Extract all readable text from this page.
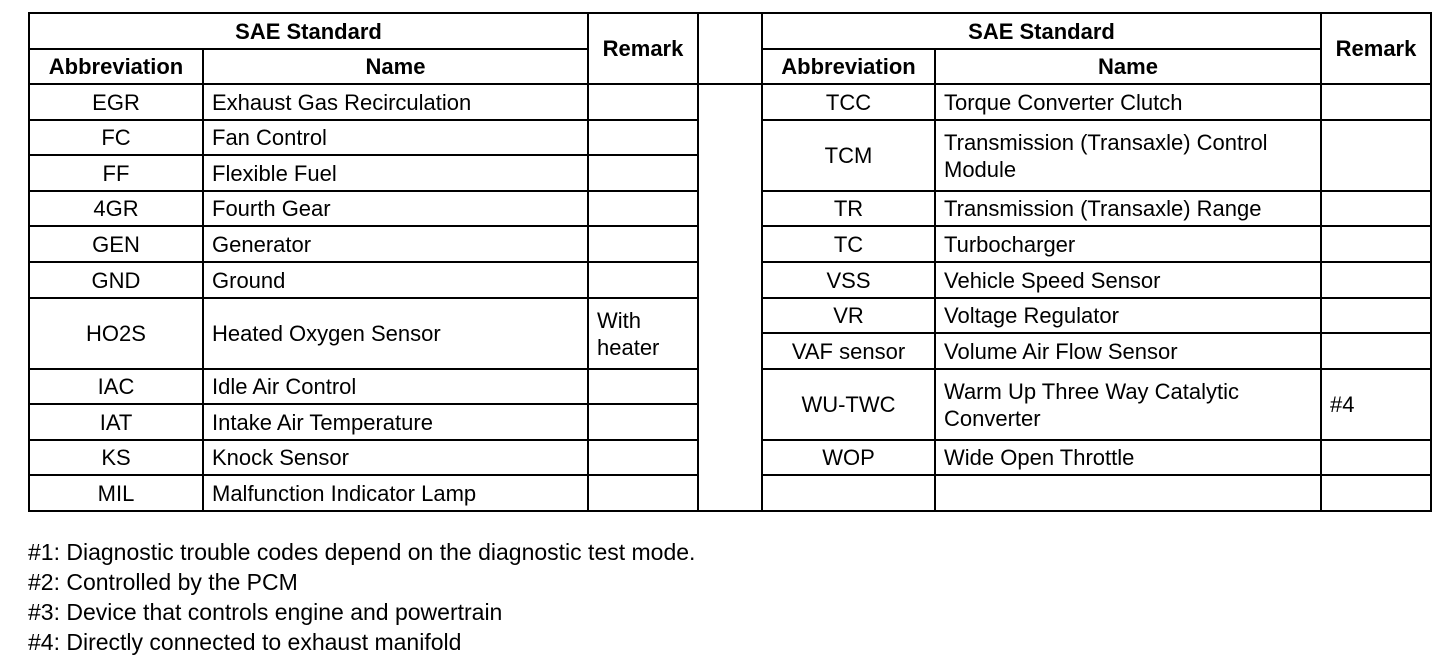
SAE Standard		Remark		SAE Standard		Remark
Abbreviation	Name			Abbreviation	Name	
EGR	Exhaust Gas Recirculation			TCC	Torque Converter Clutch	
FC	Fan Control			TCM	Transmission (Transaxle) Control Module	
FF	Flexible Fuel					
4GR	Fourth Gear			TR	Transmission (Transaxle) Range	
GEN	Generator			TC	Turbocharger	
GND	Ground			VSS	Vehicle Speed Sensor	
HO2S	Heated Oxygen Sensor	With heater		VR	Voltage Regulator	
				VAF sensor	Volume Air Flow Sensor	
IAC	Idle Air Control			WU-TWC	Warm Up Three Way Catalytic Converter	#4
IAT	Intake Air Temperature					
KS	Knock Sensor			WOP	Wide Open Throttle	
MIL	Malfunction Indicator Lamp					
#1: Diagnostic trouble codes depend on the diagnostic test mode.
#2: Controlled by the PCM
#3: Device that controls engine and powertrain
#4: Directly connected to exhaust manifold
